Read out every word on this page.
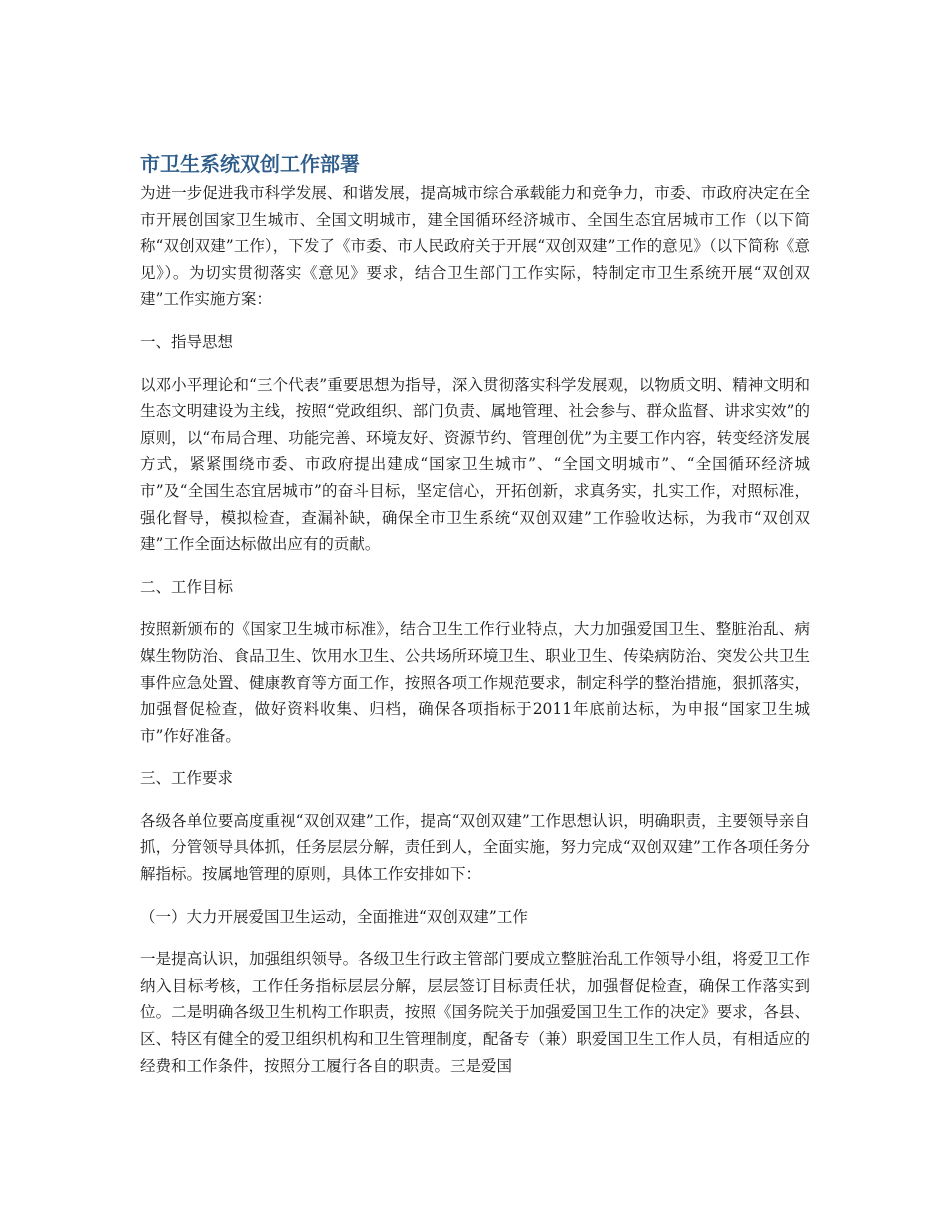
市卫生系统双创工作部署

为进一步促进我市科学发展、和谐发展，提高城市综合承载能力和竞争力，市委、市政府决定在全市开展创国家卫生城市、全国文明城市，建全国循环经济城市、全国生态宜居城市工作（以下简称“双创双建”工作），下发了《市委、市人民政府关于开展“双创双建”工作的意见》（以下简称《意见》）。为切实贯彻落实《意见》要求，结合卫生部门工作实际，特制定市卫生系统开展“双创双建”工作实施方案：

一、指导思想

以邓小平理论和“三个代表”重要思想为指导，深入贯彻落实科学发展观，以物质文明、精神文明和生态文明建设为主线，按照“党政组织、部门负责、属地管理、社会参与、群众监督、讲求实效”的原则，以“布局合理、功能完善、环境友好、资源节约、管理创优”为主要工作内容，转变经济发展方式，紧紧围绕市委、市政府提出建成“国家卫生城市”、“全国文明城市”、“全国循环经济城市”及“全国生态宜居城市”的奋斗目标，坚定信心，开拓创新，求真务实，扎实工作，对照标准，强化督导，模拟检查，查漏补缺，确保全市卫生系统“双创双建”工作验收达标，为我市“双创双建”工作全面达标做出应有的贡献。

二、工作目标

按照新颁布的《国家卫生城市标准》，结合卫生工作行业特点，大力加强爱国卫生、整脏治乱、病媒生物防治、食品卫生、饮用水卫生、公共场所环境卫生、职业卫生、传染病防治、突发公共卫生事件应急处置、健康教育等方面工作，按照各项工作规范要求，制定科学的整治措施，狠抓落实，加强督促检查，做好资料收集、归档，确保各项指标于2011年底前达标，为申报“国家卫生城市”作好准备。

三、工作要求

各级各单位要高度重视“双创双建”工作，提高“双创双建”工作思想认识，明确职责，主要领导亲自抓，分管领导具体抓，任务层层分解，责任到人，全面实施，努力完成“双创双建”工作各项任务分解指标。按属地管理的原则，具体工作安排如下：

（一）大力开展爱国卫生运动，全面推进“双创双建”工作

一是提高认识，加强组织领导。各级卫生行政主管部门要成立整脏治乱工作领导小组，将爱卫工作纳入目标考核，工作任务指标层层分解，层层签订目标责任状，加强督促检查，确保工作落实到位。二是明确各级卫生机构工作职责，按照《国务院关于加强爱国卫生工作的决定》要求，各县、区、特区有健全的爱卫组织机构和卫生管理制度，配备专（兼）职爱国卫生工作人员，有相适应的经费和工作条件，按照分工履行各自的职责。三是爱国
